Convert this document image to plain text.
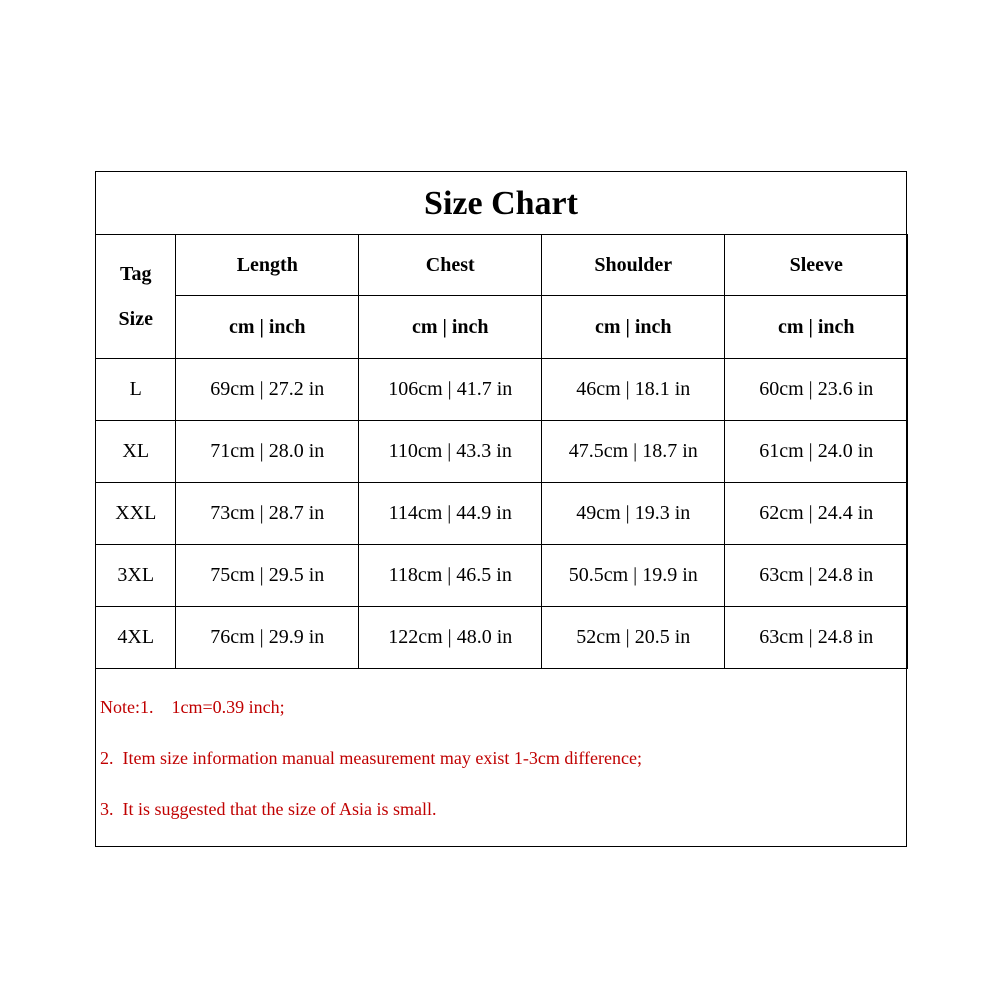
Size Chart
Tag
Size	Length	Chest	Shoulder	Sleeve
	cm | inch	cm | inch	cm | inch	cm | inch
L	69cm | 27.2 in	106cm | 41.7 in	46cm | 18.1 in	60cm | 23.6 in
XL	71cm | 28.0 in	110cm | 43.3 in	47.5cm | 18.7 in	61cm | 24.0 in
XXL	73cm | 28.7 in	114cm | 44.9 in	49cm | 19.3 in	62cm | 24.4 in
3XL	75cm | 29.5 in	118cm | 46.5 in	50.5cm | 19.9 in	63cm | 24.8 in
4XL	76cm | 29.9 in	122cm | 48.0 in	52cm | 20.5 in	63cm | 24.8 in
Note:1.    1cm=0.39 inch;
2.  Item size information manual measurement may exist 1-3cm difference;
3.  It is suggested that the size of Asia is small.
